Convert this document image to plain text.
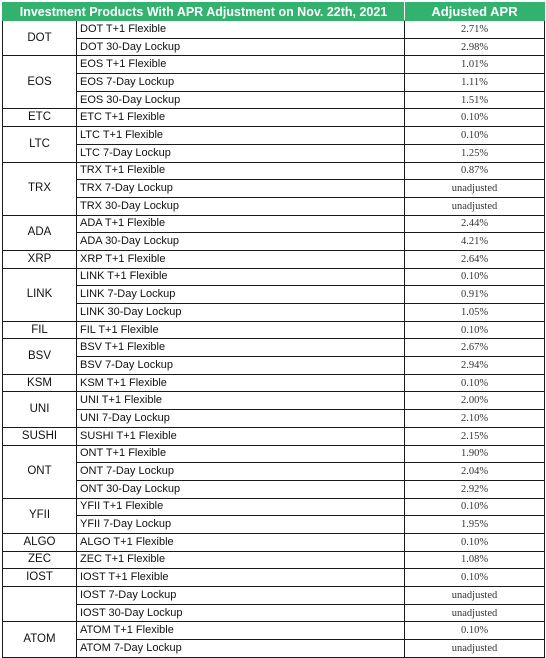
Investment Products With APR Adjustment on Nov. 22th, 2021		Adjusted APR
DOT	DOT T+1 Flexible	2.71%
	DOT 30-Day Lockup	2.98%
EOS	EOS T+1 Flexible	1.01%
	EOS 7-Day Lockup	1.11%
	EOS 30-Day Lockup	1.51%
ETC	ETC T+1 Flexible	0.10%
LTC	LTC T+1 Flexible	0.10%
	LTC 7-Day Lockup	1.25%
TRX	TRX T+1 Flexible	0.87%
	TRX 7-Day Lockup	unadjusted
	TRX 30-Day Lockup	unadjusted
ADA	ADA T+1 Flexible	2.44%
	ADA 30-Day Lockup	4.21%
XRP	XRP T+1 Flexible	2.64%
LINK	LINK T+1 Flexible	0.10%
	LINK 7-Day Lockup	0.91%
	LINK 30-Day Lockup	1.05%
FIL	FIL T+1 Flexible	0.10%
BSV	BSV T+1 Flexible	2.67%
	BSV 7-Day Lockup	2.94%
KSM	KSM T+1 Flexible	0.10%
UNI	UNI T+1 Flexible	2.00%
	UNI 7-Day Lockup	2.10%
SUSHI	SUSHI T+1 Flexible	2.15%
ONT	ONT T+1 Flexible	1.90%
	ONT 7-Day Lockup	2.04%
	ONT 30-Day Lockup	2.92%
YFII	YFII T+1 Flexible	0.10%
	YFII 7-Day Lockup	1.95%
ALGO	ALGO T+1 Flexible	0.10%
ZEC	ZEC T+1 Flexible	1.08%
IOST	IOST T+1 Flexible	0.10%
	IOST 7-Day Lockup	unadjusted
	IOST 30-Day Lockup	unadjusted
ATOM	ATOM T+1 Flexible	0.10%
	ATOM 7-Day Lockup	unadjusted
